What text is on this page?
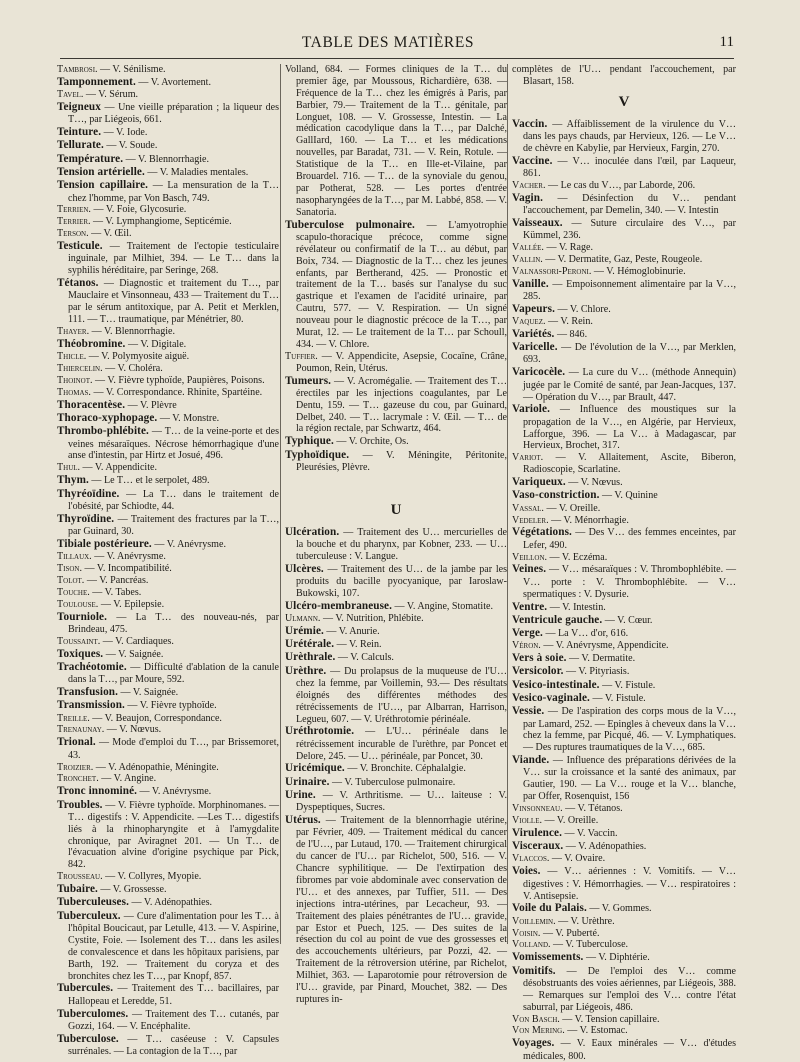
TABLE DES MATIÈRES	11

Tambrosi. — V. Sénilisme.

Tamponnement. — V. Avortement.

Tavel. — V. Sérum.

Teigneux — Une vieille préparation ; la liqueur des T…, par Liégeois, 661.

Teinture. — V. Iode.

Tellurate. — V. Soude.

Température. — V. Blennorrhagie.

Tension artérielle. — V. Maladies mentales.

Tension capillaire. — La mensuration de la T… chez l'homme, par Von Basch, 749.

Terrien. — V. Foie, Glycosurie.

Terrier. — V. Lymphangiome, Septicémie.

Terson. — V. Œil.

Testicule. — Traitement de l'ectopie testiculaire inguinale, par Milhiet, 394. — Le T… dans la syphilis héréditaire, par Seringe, 268.

Tétanos. — Diagnostic et traitement du T…, par Mauclaire et Vinsonneau, 433 — Traitement du T… par le sérum antitoxique, par A. Petit et Merklen, 111. — T… traumatique, par Ménétrier, 80.

Thayer. — V. Blennorrhagie.

Théobromine. — V. Digitale.

Thicle. — V. Polymyosite aiguë.

Thiercelin. — V. Choléra.

Thoinot. — V. Fièvre typhoïde, Paupières, Poisons.

Thomas. — V. Correspondance. Rhinite, Spartéine.

Thoracentèse. — V. Plèvre

Thoraco-xyphopage. — V. Monstre.

Thrombo-phlébite. — T… de la veine-porte et des veines mésaraïques. Nécrose hémorrhagique d'une anse d'intestin, par Hirtz et Josué, 496.

Thul. — V. Appendicite.

Thym. — Le T… et le serpolet, 489.

Thyréoïdine. — La T… dans le traitement de l'obésité, par Schiodte, 44.

Thyroïdine. — Traitement des fractures par la T…, par Guinard, 30.

Tibiale postérieure. — V. Anévrysme.

Tillaux. — V. Anévrysme.

Tison. — V. Incompatibilité.

Tolot. — V. Pancréas.

Touche. — V. Tabes.

Toulouse. — V. Epilepsie.

Tourniole. — La T… des nouveau-nés, par Brindeau, 475.

Toussaint. — V. Cardiaques.

Toxiques. — V. Saignée.

Trachéotomie. — Difficulté d'ablation de la canule dans la T…, par Moure, 592.

Transfusion. — V. Saignée.

Transmission. — V. Fièvre typhoïde.

Treille. — V. Beaujon, Correspondance.

Trenaunay. — V. Nœvus.

Trional. — Mode d'emploi du T…, par Brissemoret, 43.

Troizier. — V. Adénopathie, Méningite.

Tronchet. — V. Angine.

Tronc innominé. — V. Anévrysme.

Troubles. — V. Fièvre typhoïde. Morphinomanes. — T… digestifs : V. Appendicite. —Les T… digestifs liés à la rhinopharyngite et à l'amygdalite chronique, par Aviragnet 201. — Un T… de l'évacuation alvine d'origine psychique par Pick, 842.

Trousseau. — V. Collyres, Myopie.

Tubaire. — V. Grossesse.

Tuberculeuses. — V. Adénopathies.

Tuberculeux. — Cure d'alimentation pour les T… à l'hôpital Boucicaut, par Letulle, 413. — V. Aspirine, Cystite, Foie. — Isolement des T… dans les asiles de convalescence et dans les hôpitaux parisiens, par Barth, 192. — Traitement du coryza et des bronchites chez les T…, par Knopf, 857.

Tubercules. — Traitement des T… bacillaires, par Hallopeau et Leredde, 51.

Tuberculomes. — Traitement des T… cutanés, par Gozzi, 164. — V. Encéphalite.

Tuberculose. — T… caséeuse : V. Capsules surrénales. — La contagion de la T…, par

Volland, 684. — Formes cliniques de la T… du premier âge, par Moussous, Richardière, 638. — Fréquence de la T… chez les émigrés à Paris, par Barbier, 79.— Traitement de la T… génitale, par Longuet, 108. — V. Grossesse, Intestin. — La médication cacodylique dans la T…, par Dalché, GallIard, 160. — La T… et les médications nouvelles, par Baradat, 731. — V. Rein, Rotule. — Statistique de la T… en Ille-et-Vilaine, par Brouardel. 716. — T… de la synoviale du genou, par Potherat, 528. — Les portes d'entrée nasopharyngées de la T…, par M. Labbé, 858. — V. Sanatoria.

Tuberculose pulmonaire. — L'amyotrophie scapulo-thoracique précoce, comme signe révélateur ou confirmatif de la T… au début, par Boix, 734. — Diagnostic de la T… chez les jeunes enfants, par Bertherand, 425. — Pronostic et traitement de la T… basés sur l'analyse du suc gastrique et l'examen de l'acidité urinaire, par Cautru, 577. — V. Respiration. — Un signé nouveau pour le diagnostic précoce de la T…, par Murat, 12. — Le traitement de la T… par Schoull, 434. — V. Chlore.

Tuffier. — V. Appendicite, Asepsie, Cocaïne, Crâne, Poumon, Rein, Utérus.

Tumeurs. — V. Acromégalie. — Traitement des T… érectiles par les injections coagulantes, par Le Dentu, 159. — T… gazeuse du cou, par Guinard, Delbet, 240. — T… lacrymale : V. Œil. — T… de la région rectale, par Schwartz, 464.

Typhique. — V. Orchite, Os.

Typhoïdique. — V. Méningite, Péritonite, Pleurésies, Plèvre.

U

Ulcération. — Traitement des U… mercurielles de la bouche et du pharynx, par Kobner, 233. — U… tuberculeuse : V. Langue.

Ulcères. — Traitement des U… de la jambe par les produits du bacille pyocyanique, par Iaroslaw-Bukowski, 107.

Ulcéro-membraneuse. — V. Angine, Stomatite.

Ulmann. — V. Nutrition, Phlébite.

Urémie. — V. Anurie.

Urétérale. — V. Rein.

Urèthrale. — V. Calculs.

Urèthre. — Du prolapsus de la muqueuse de l'U… chez la femme, par Voillemin, 93.— Des résultats éloignés des différentes méthodes des rétrécissements de l'U…, par Albarran, Harrison, Legueu, 607. — V. Uréthrotomie périnéale.

Uréthrotomie. — L'U… périnéale dans le rétrécissement incurable de l'urèthre, par Poncet et Delore, 245. — U… périnéale, par Poncet, 30.

Uricémique. — V. Bronchite. Céphalalgie.

Urinaire. — V. Tuberculose pulmonaire.

Urine. — V. Arthritisme. — U… laiteuse : V. Dyspeptiques, Sucres.

Utérus. — Traitement de la blennorrhagie utérine, par Février, 409. — Traitement médical du cancer de l'U…, par Lutaud, 170. — Traitement chirurgical du cancer de l'U… par Richelot, 500, 516. — V. Chancre syphilitique. — De l'extirpation des fibromes par voie abdominale avec conservation de l'U… et des annexes, par Tuffier, 511. — Des injections intra-utérines, par Lecacheur, 93. — Traitement des plaies pénétrantes de l'U… gravide, par Estor et Puech, 125. — Des suites de la résection du col au point de vue des grossesses et des accouchements ultérieurs, par Pozzi, 42. — Traitement de la rétroversion utérine, par Richelot, Milhiet, 363. — Laparotomie pour rétroversion de l'U… gravide, par Pinard, Mouchet, 382. — Des ruptures in-

complètes de l'U… pendant l'accouchement, par Blasart, 158.

V

Vaccin. — Affaiblissement de la virulence du V… dans les pays chauds, par Hervieux, 126. — Le V… de chèvre en Kabylie, par Hervieux, Fargin, 270.

Vaccine. — V… inoculée dans l'œil, par Laqueur, 861.

Vacher. — Le cas du V…, par Laborde, 206.

Vagin. — Désinfection du V… pendant l'accouchement, par Demelin, 340. — V. Intestin

Vaisseaux. — Suture circulaire des V…, par Kümmel, 236.

Vallée. — V. Rage.

Vallin. — V. Dermatite, Gaz, Peste, Rougeole.

Valnassori-Peroni. — V. Hémoglobinurie.

Vanille. — Empoisonnement alimentaire par la V…, 285.

Vapeurs. — V. Chlore.

Vaquez. — V. Rein.

Variétés. — 846.

Varicelle. — De l'évolution de la V…, par Merklen, 693.

Varicocèle. — La cure du V… (méthode Annequin) jugée par le Comité de santé, par Jean-Jacques, 137. — Opération du V…, par Brault, 447.

Variole. — Influence des moustiques sur la propagation de la V…, en Algérie, par Hervieux, Lafforgue, 396. — La V… à Madagascar, par Hervieux, Brochet, 317.

Variot. — V. Allaitement, Ascite, Biberon, Radioscopie, Scarlatine.

Variqueux. — V. Nœvus.

Vaso-constriction. — V. Quinine

Vassal. — V. Oreille.

Vedeler. — V. Ménorrhagie.

Végétations. — Des V… des femmes enceintes, par Lefer, 490.

Veillon. — V. Eczéma.

Veines. — V… mésaraïques : V. Thrombophlébite. — V… porte : V. Thrombophlébite. — V… spermatiques : V. Dysurie.

Ventre. — V. Intestin.

Ventricule gauche. — V. Cœur.

Verge. — La V… d'or, 616.

Véron. — V. Anévrysme, Appendicite.

Vers à soie. — V. Dermatite.

Versicolor. — V. Pityriasis.

Vesico-intestinale. — V. Fistule.

Vesico-vaginale. — V. Fistule.

Vessie. — De l'aspiration des corps mous de la V…, par Lamard, 252. — Epingles à cheveux dans la V… chez la femme, par Picqué, 46. — V. Lymphatiques. — Des ruptures traumatiques de la V…, 685.

Viande. — Influence des préparations dérivées de la V… sur la croissance et la santé des animaux, par Gautier, 190. — La V… rouge et la V… blanche, par Offer, Rosenquist, 156

Vinsonneau. — V. Tétanos.

Violle. — V. Oreille.

Virulence. — V. Vaccin.

Visceraux. — V. Adénopathies.

Vlaccos. — V. Ovaire.

Voies. — V… aériennes : V. Vomitifs. — V… digestives : V. Hémorrhagies. — V… respiratoires : V. Antisepsie.

Voile du Palais. — V. Gommes.

Voillemin. — V. Urèthre.

Voisin. — V. Puberté.

Volland. — V. Tuberculose.

Vomissements. — V. Diphtérie.

Vomitifs. — De l'emploi des V… comme désobstruants des voies aériennes, par Liégeois, 388. — Remarques sur l'emploi des V… contre l'état saburral, par Liégeois, 486.

Von Basch. — V. Tension capillaire.

Von Mering. — V. Estomac.

Voyages. — V. Eaux minérales — V… d'études médicales, 800.
